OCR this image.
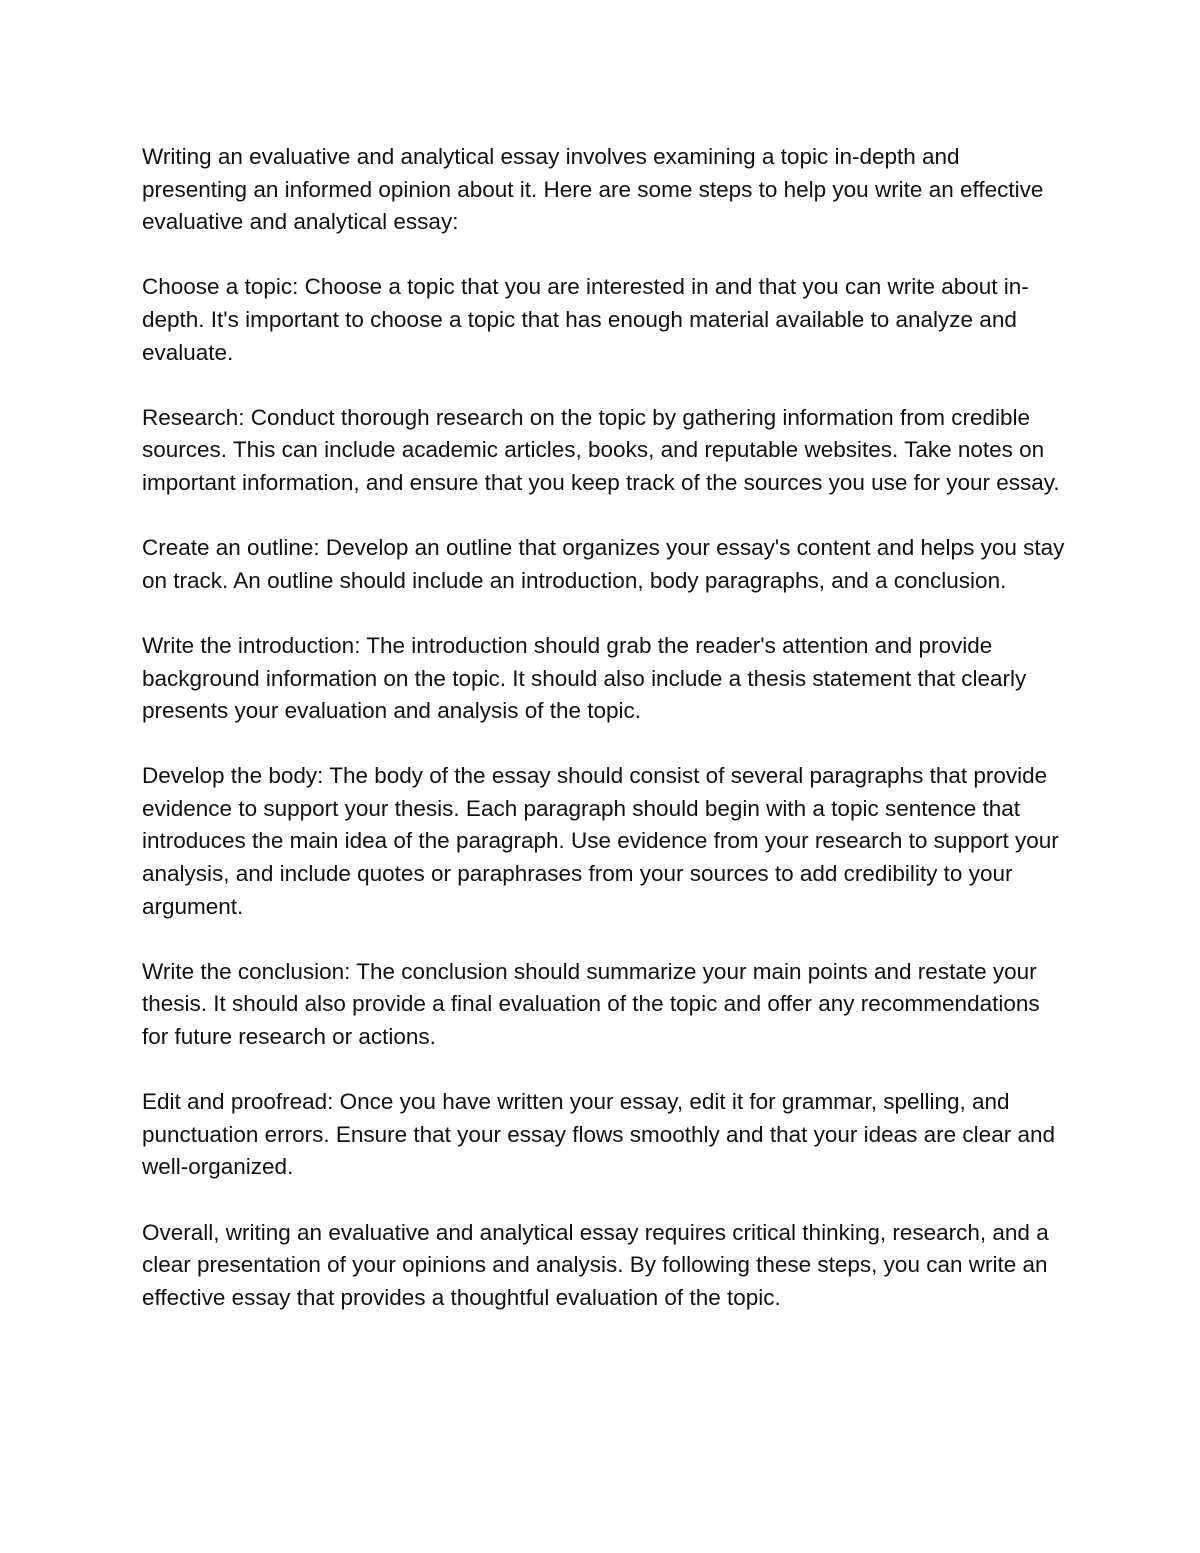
Writing an evaluative and analytical essay involves examining a topic in-depth and presenting an informed opinion about it. Here are some steps to help you write an effective evaluative and analytical essay:

Choose a topic: Choose a topic that you are interested in and that you can write about in-depth. It's important to choose a topic that has enough material available to analyze and evaluate.

Research: Conduct thorough research on the topic by gathering information from credible sources. This can include academic articles, books, and reputable websites. Take notes on important information, and ensure that you keep track of the sources you use for your essay.

Create an outline: Develop an outline that organizes your essay's content and helps you stay on track. An outline should include an introduction, body paragraphs, and a conclusion.

Write the introduction: The introduction should grab the reader's attention and provide background information on the topic. It should also include a thesis statement that clearly presents your evaluation and analysis of the topic.

Develop the body: The body of the essay should consist of several paragraphs that provide evidence to support your thesis. Each paragraph should begin with a topic sentence that introduces the main idea of the paragraph. Use evidence from your research to support your analysis, and include quotes or paraphrases from your sources to add credibility to your argument.

Write the conclusion: The conclusion should summarize your main points and restate your thesis. It should also provide a final evaluation of the topic and offer any recommendations for future research or actions.

Edit and proofread: Once you have written your essay, edit it for grammar, spelling, and punctuation errors. Ensure that your essay flows smoothly and that your ideas are clear and well-organized.

Overall, writing an evaluative and analytical essay requires critical thinking, research, and a clear presentation of your opinions and analysis. By following these steps, you can write an effective essay that provides a thoughtful evaluation of the topic.
